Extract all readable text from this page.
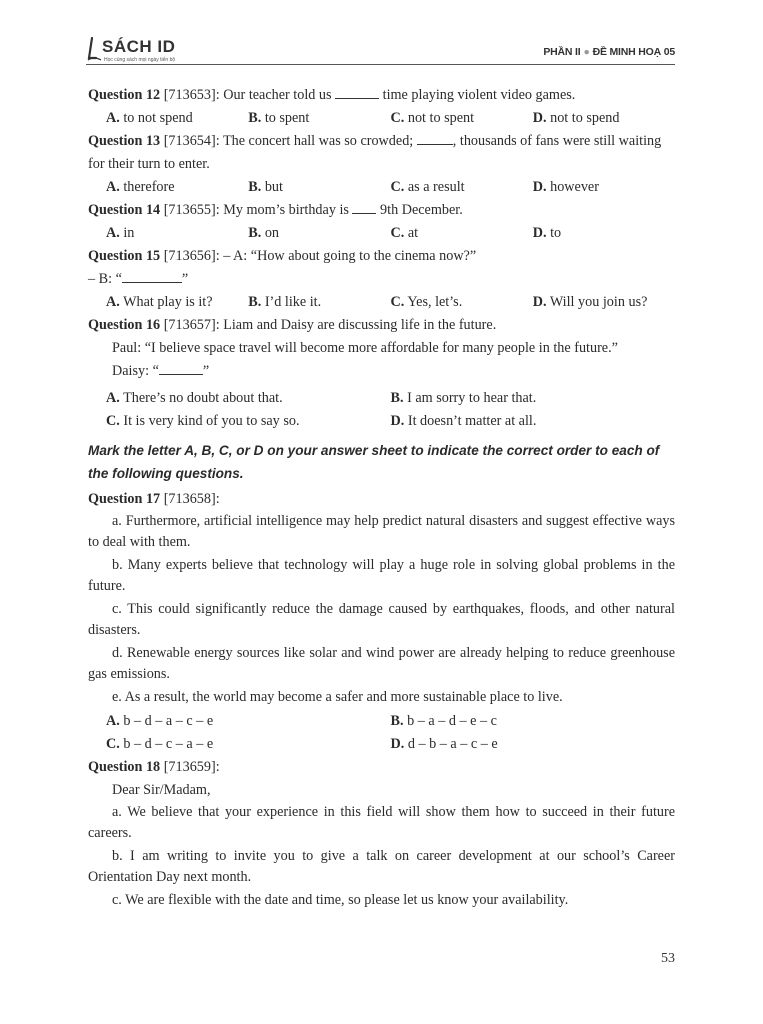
SÁCH ID
Học cùng sách mọi ngày tiến bộ
PHẦN II ● ĐỀ MINH HOẠ 05

Question 12 [713653]: Our teacher told us	time playing violent video games.

A. to not spend	B. to spent	C. not to spent	D. not to spend

Question 13 [713654]: The concert hall was so crowded;	, thousands of fans were still waiting for their turn to enter.

A. therefore	B. but	C. as a result	D. however

Question 14 [713655]: My mom’s birthday is 9th December.

A. in	B. on	C. at	D. to

Question 15 [713656]: – A: “How about going to the cinema now?”

– B: “	”

A. What play is it?	B. I’d like it.	C. Yes, let’s.	D. Will you join us?

Question 16 [713657]: Liam and Daisy are discussing life in the future.

Paul: “I believe space travel will become more affordable for many people in the future.”

Daisy: “	”

A. There’s no doubt about that.	B. I am sorry to hear that.
C. It is very kind of you to say so.	D. It doesn’t matter at all.

Mark the letter A, B, C, or D on your answer sheet to indicate the correct order to each of the following questions.

Question 17 [713658]:

a. Furthermore, artificial intelligence may help predict natural disasters and suggest effective ways to deal with them.

b. Many experts believe that technology will play a huge role in solving global problems in the future.

c. This could significantly reduce the damage caused by earthquakes, floods, and other natural disasters.

d. Renewable energy sources like solar and wind power are already helping to reduce greenhouse gas emissions.

e. As a result, the world may become a safer and more sustainable place to live.

A. b – d – a – c – e	B. b – a – d – e – c
C. b – d – c – a – e	D. d – b – a – c – e

Question 18 [713659]:

Dear Sir/Madam,

a. We believe that your experience in this field will show them how to succeed in their future careers.

b. I am writing to invite you to give a talk on career development at our school’s Career Orientation Day next month.

c. We are flexible with the date and time, so please let us know your availability.

53
